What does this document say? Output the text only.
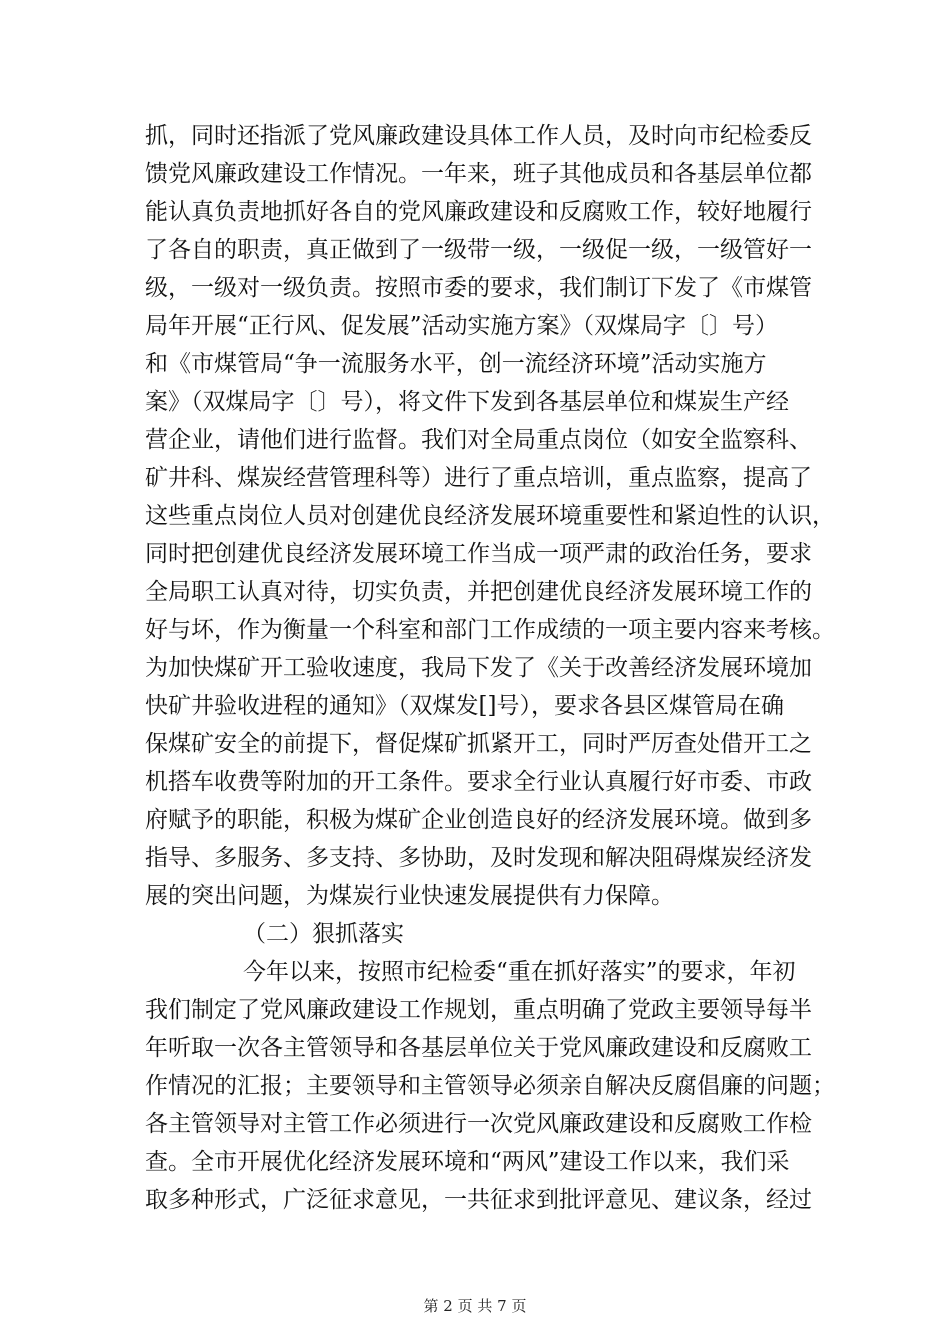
抓，同时还指派了党风廉政建设具体工作人员，及时向市纪检委反
馈党风廉政建设工作情况。一年来，班子其他成员和各基层单位都
能认真负责地抓好各自的党风廉政建设和反腐败工作，较好地履行
了各自的职责，真正做到了一级带一级，一级促一级，一级管好一
级，一级对一级负责。按照市委的要求，我们制订下发了《市煤管
局年开展“正行风、促发展”活动实施方案》（双煤局字〔〕号）
和《市煤管局“争一流服务水平，创一流经济环境”活动实施方
案》（双煤局字〔〕号），将文件下发到各基层单位和煤炭生产经
营企业，请他们进行监督。我们对全局重点岗位（如安全监察科、
矿井科、煤炭经营管理科等）进行了重点培训，重点监察，提高了
这些重点岗位人员对创建优良经济发展环境重要性和紧迫性的认识，
同时把创建优良经济发展环境工作当成一项严肃的政治任务，要求
全局职工认真对待，切实负责，并把创建优良经济发展环境工作的
好与坏，作为衡量一个科室和部门工作成绩的一项主要内容来考核。
为加快煤矿开工验收速度，我局下发了《关于改善经济发展环境加
快矿井验收进程的通知》（双煤发[]号），要求各县区煤管局在确
保煤矿安全的前提下，督促煤矿抓紧开工，同时严厉查处借开工之
机搭车收费等附加的开工条件。要求全行业认真履行好市委、市政
府赋予的职能，积极为煤矿企业创造良好的经济发展环境。做到多
指导、多服务、多支持、多协助，及时发现和解决阻碍煤炭经济发
展的突出问题，为煤炭行业快速发展提供有力保障。
（二）狠抓落实
今年以来，按照市纪检委“重在抓好落实”的要求，年初
我们制定了党风廉政建设工作规划，重点明确了党政主要领导每半
年听取一次各主管领导和各基层单位关于党风廉政建设和反腐败工
作情况的汇报；主要领导和主管领导必须亲自解决反腐倡廉的问题；
各主管领导对主管工作必须进行一次党风廉政建设和反腐败工作检
查。全市开展优化经济发展环境和“两风”建设工作以来，我们采
取多种形式，广泛征求意见，一共征求到批评意见、建议条，经过
第 2 页 共 7 页
